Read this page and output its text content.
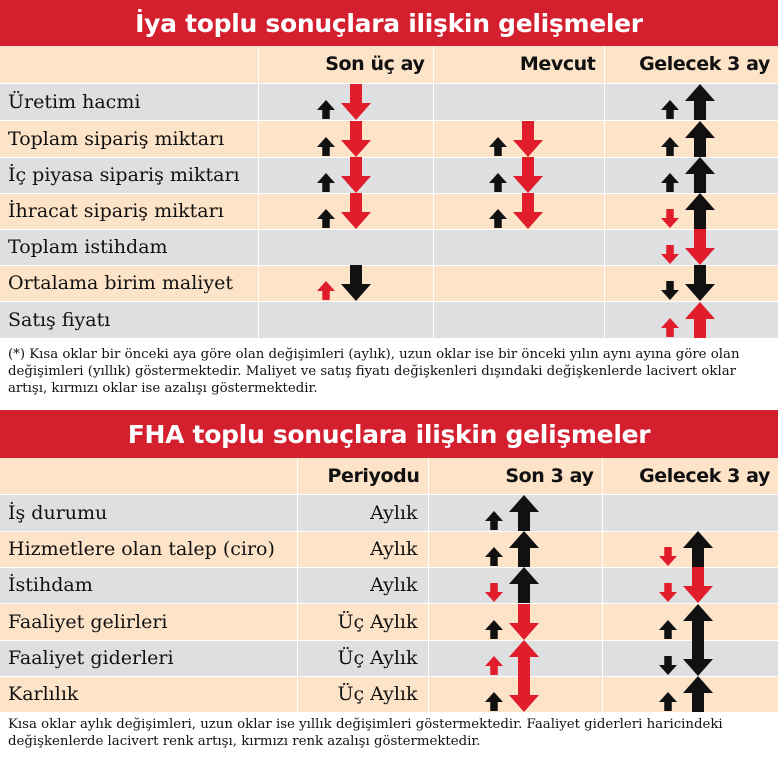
İya toplu sonuçlara ilişkin gelişmeler
	Son üç ay	Mevcut	Gelecek 3 ay
Üretim hacmi	

Toplam sipariş miktarı	

İç piyasa sipariş miktarı	

İhracat sipariş miktarı	

Toplam istihdam			

Ortalama birim maliyet	

Satış fiyatı			
(*) Kısa oklar bir önceki aya göre olan değişimleri (aylık), uzun oklar ise bir önceki yılın aynı ayına göre olan değişimleri (yıllık) göstermektedir. Maliyet ve satış fiyatı değişkenleri dışındaki değişkenlerde lacivert oklar artışı, kırmızı oklar ise azalışı göstermektedir.
FHA toplu sonuçlara ilişkin gelişmeler
	Periyodu	Son 3 ay	Gelecek 3 ay
İş durumu	Aylık	

Hizmetlere olan talep (ciro)	Aylık	

İstihdam	Aylık	

Faaliyet gelirleri	Üç Aylık	

Faaliyet giderleri	Üç Aylık	

Karlılık	Üç Aylık	

Kısa oklar aylık değişimleri, uzun oklar ise yıllık değişimleri göstermektedir. Faaliyet giderleri haricindeki değişkenlerde lacivert renk artışı, kırmızı renk azalışı göstermektedir.
